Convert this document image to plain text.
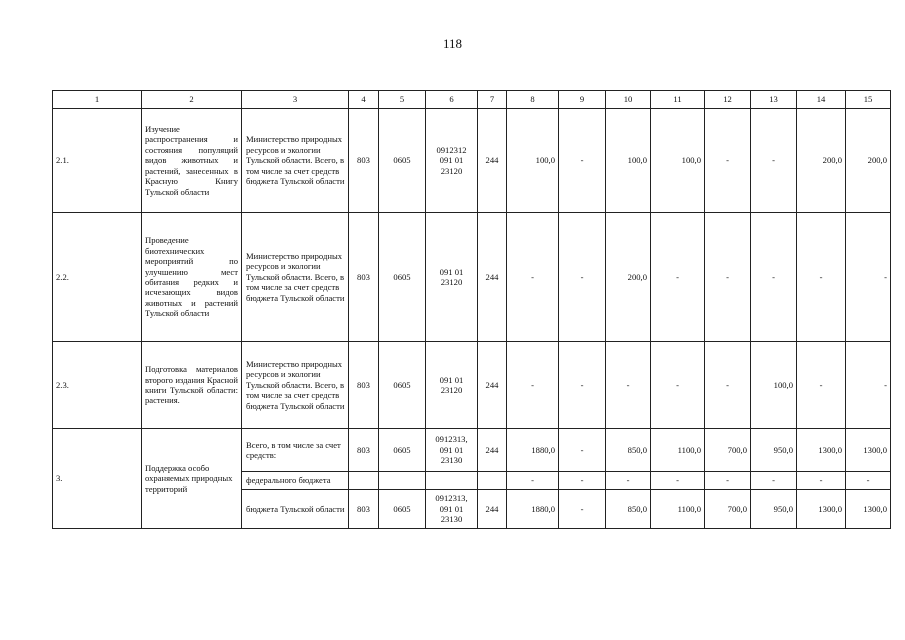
118
1	2	3	4	5	6	7	8	9	10	11	12	13	14	15
2.1.	Изучение распространения и состояния популяций видов животных и растений, занесенных в Красную Книгу Тульской области	Министерство природных ресурсов и экологии Тульской области. Всего, в том числе за счет средств бюджета Тульской области	803	0605	0912312 091 01 23120	244	100,0	-	100,0	100,0	-	-	200,0	200,0
2.2.	Проведение биотехнических мероприятий по улучшению мест обитания редких и исчезающих видов животных и растений Тульской области	Министерство природных ресурсов и экологии Тульской области. Всего, в том числе за счет средств бюджета Тульской области	803	0605	091 01 23120	244	-	-	200,0	-	-	-	-	-
2.3.	Подготовка материалов второго издания Красной книги Тульской области: растения.	Министерство природных ресурсов и экологии Тульской области. Всего, в том числе за счет средств бюджета Тульской области	803	0605	091 01 23120	244	-	-	-	-	-	100,0	-	-
3.	Поддержка особо охраняемых природных территорий	Всего, в том числе за счет средств:	803	0605	0912313, 091 01 23130	244	1880,0	-	850,0	1100,0	700,0	950,0	1300,0	1300,0
		федерального бюджета					-	-	-	-	-	-	-	-
		бюджета Тульской области	803	0605	0912313, 091 01 23130	244	1880,0	-	850,0	1100,0	700,0	950,0	1300,0	1300,0
